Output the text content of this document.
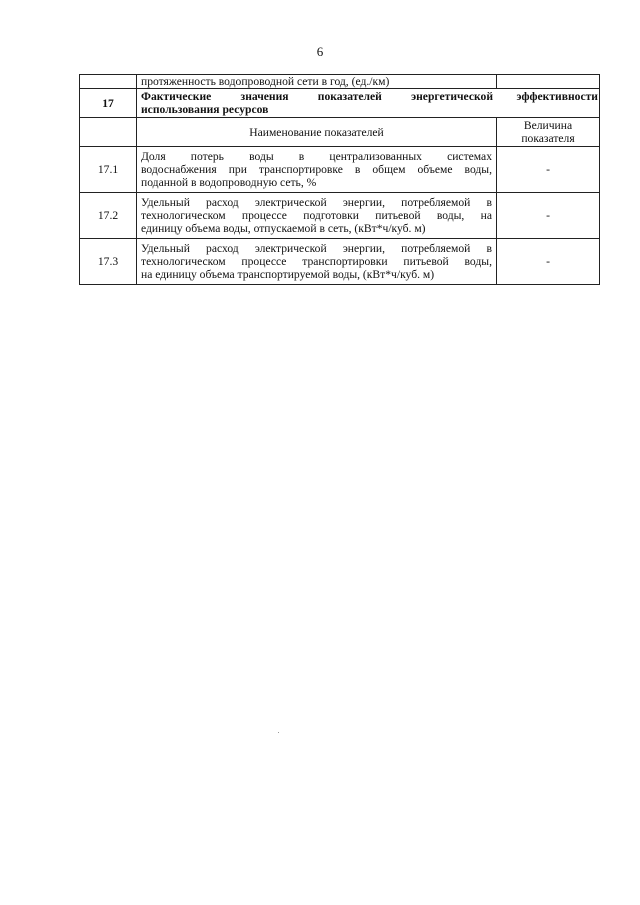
6
	протяженность водопроводной сети в год, (ед./км)	
17	Фактические значения показателей энергетической эффективности
использования ресурсов	

	Наименование показателей	Величина
показателя

17.1	Доля потерь воды в централизованных системах
водоснабжения при транспортировке в общем объеме воды,
поданной в водопроводную сеть, %	-
17.2	Удельный расход электрической энергии, потребляемой в
технологическом процессе подготовки питьевой воды, на
единицу объема воды, отпускаемой в сеть, (кВт*ч/куб. м)	-
17.3	Удельный расход электрической энергии, потребляемой в
технологическом процессе транспортировки питьевой воды,
на единицу объема транспортируемой воды, (кВт*ч/куб. м)	-
